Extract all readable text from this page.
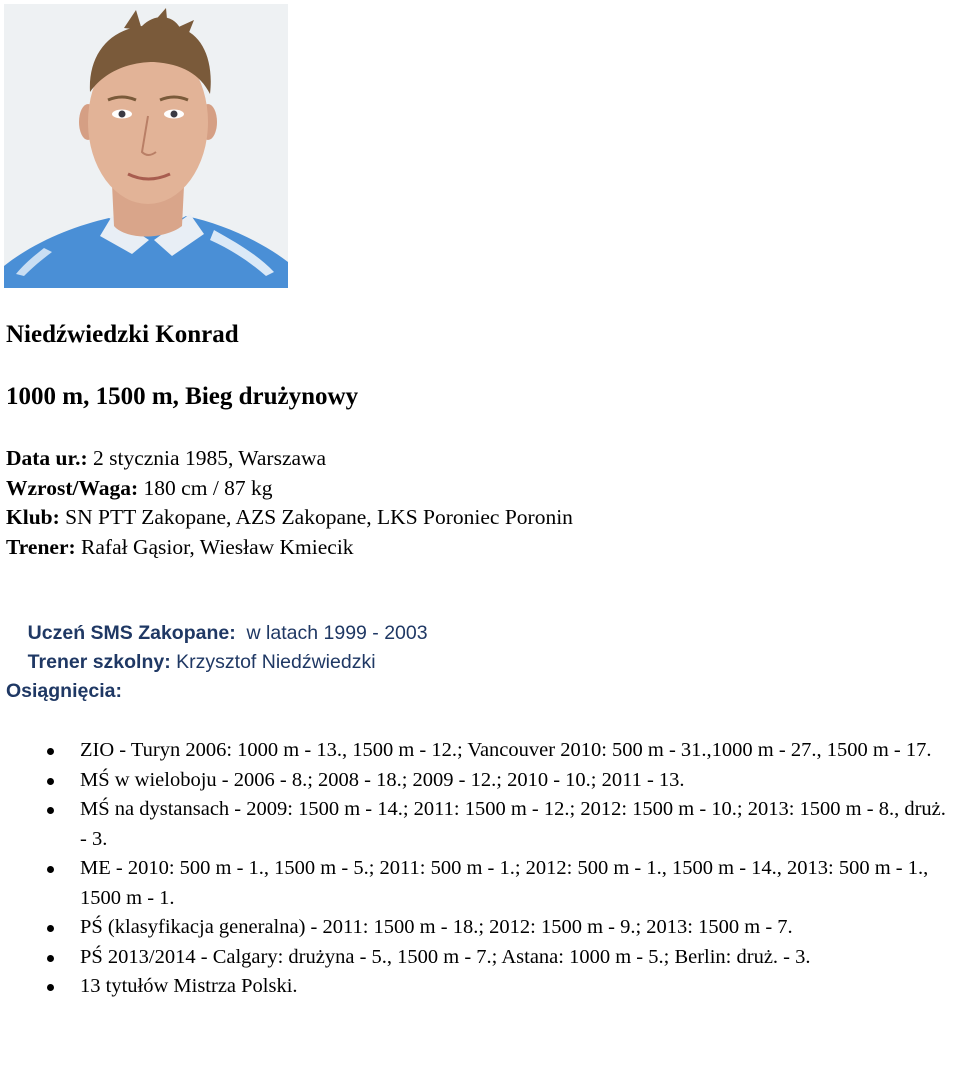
Niedźwiedzki Konrad
1000 m, 1500 m, Bieg drużynowy
Data ur.: 2 stycznia 1985, Warszawa
Wzrost/Waga: 180 cm / 87 kg
Klub: SN PTT Zakopane, AZS Zakopane, LKS Poroniec Poronin
Trener: Rafał Gąsior, Wiesław Kmiecik

Uczeń SMS Zakopane:  w latach 1999 - 2003

Trener szkolny: Krzysztof Niedźwiedzki

Osiągnięcia:
ZIO - Turyn 2006: 1000 m - 13., 1500 m - 12.; Vancouver 2010: 500 m - 31.,1000 m - 27., 1500 m - 17.
MŚ w wieloboju - 2006 - 8.; 2008 - 18.; 2009 - 12.; 2010 - 10.; 2011 - 13.
MŚ na dystansach - 2009: 1500 m - 14.; 2011: 1500 m - 12.; 2012: 1500 m - 10.; 2013: 1500 m - 8., druż. - 3.
ME - 2010: 500 m - 1., 1500 m - 5.; 2011: 500 m - 1.; 2012: 500 m - 1., 1500 m - 14., 2013: 500 m - 1., 1500 m - 1.
PŚ (klasyfikacja generalna) - 2011: 1500 m - 18.; 2012: 1500 m - 9.; 2013: 1500 m - 7.
PŚ 2013/2014 - Calgary: drużyna - 5., 1500 m - 7.; Astana: 1000 m - 5.; Berlin: druż. - 3.
13 tytułów Mistrza Polski.
